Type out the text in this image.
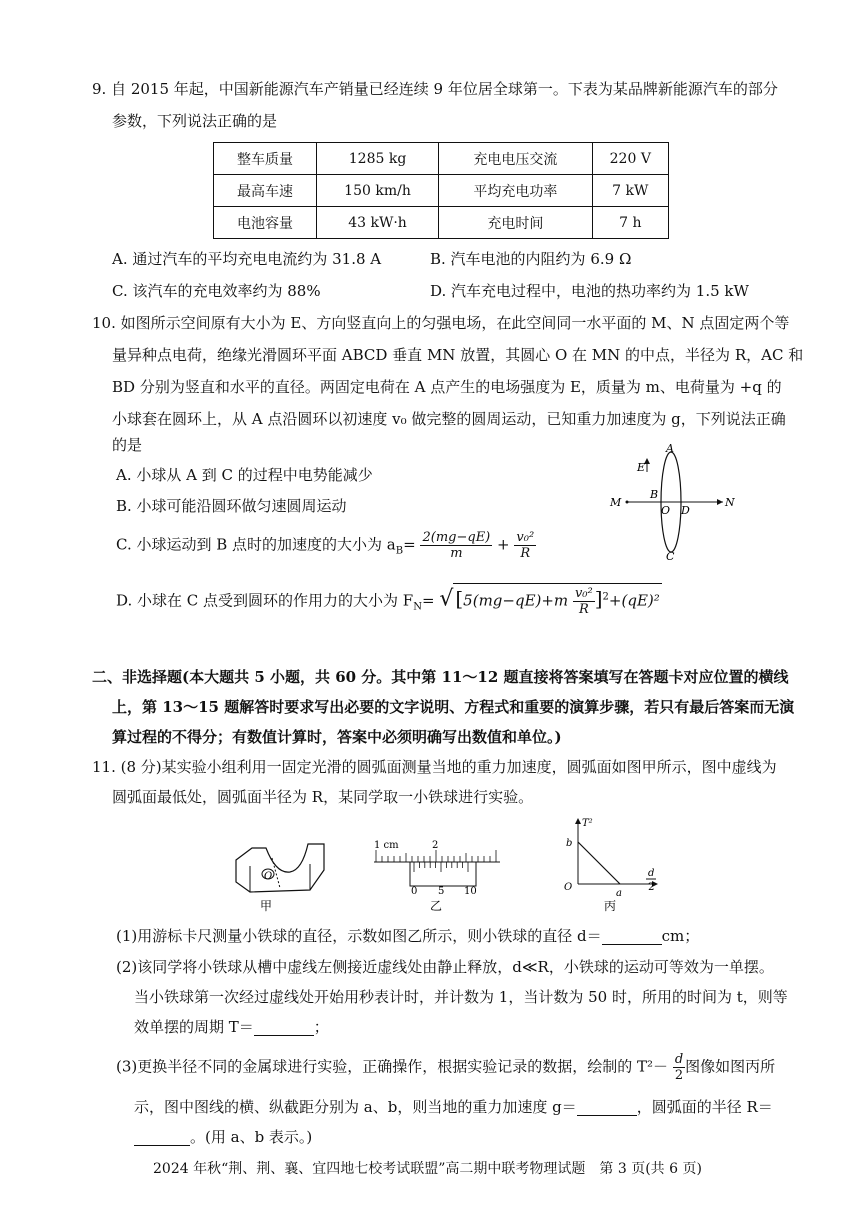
9. 自 2015 年起，中国新能源汽车产销量已经连续 9 年位居全球第一。下表为某品牌新能源汽车的部分
参数，下列说法正确的是
整车质量	1285 kg	充电电压交流	220 V
最高车速	150 km/h	平均充电功率	7 kW
电池容量	43 kW·h	充电时间	7 h
A. 通过汽车的平均充电电流约为 31.8 A	B. 汽车电池的内阻约为 6.9 Ω
C. 该汽车的充电效率约为 88%	D. 汽车充电过程中，电池的热功率约为 1.5 kW
10. 如图所示空间原有大小为 E、方向竖直向上的匀强电场，在此空间同一水平面的 M、N 点固定两个等
量异种点电荷，绝缘光滑圆环平面 ABCD 垂直 MN 放置，其圆心 O 在 MN 的中点，半径为 R，AC 和
BD 分别为竖直和水平的直径。两固定电荷在 A 点产生的电场强度为 E，质量为 m、电荷量为 +q 的
小球套在圆环上，从 A 点沿圆环以初速度 v₀ 做完整的圆周运动，已知重力加速度为 g，下列说法正确
的是
A. 小球从 A 到 C 的过程中电势能减少
B. 小球可能沿圆环做匀速圆周运动
C. 小球运动到 B 点时的加速度的大小为 $a_B= \frac{2(mg-qE)}{m} + \frac{\text{v₀²}}{R}$
D. 小球在 C 点受到圆环的作用力的大小为 $F_N=$ √ $[5(mg-qE)+m \frac{\text{v₀²}}{R} ]^2+(qE)^2$
E
A
B
C
D
O
M	N
二、非选择题(本大题共 5 小题，共 60 分。其中第 11～12 题直接将答案填写在答题卡对应位置的横线
上，第 13～15 题解答时要求写出必要的文字说明、方程式和重要的演算步骤，若只有最后答案而无演
算过程的不得分；有数值计算时，答案中必须明确写出数值和单位。)
11. (8 分)某实验小组利用一固定光滑的圆弧面测量当地的重力加速度，圆弧面如图甲所示，图中虚线为
圆弧面最低处，圆弧面半径为 R，某同学取一小铁球进行实验。
O
甲
1 cm	2
0 5 10
乙
T²
b
O
a
d
2
丙
(1)用游标卡尺测量小铁球的直径，示数如图乙所示，则小铁球的直径 d＝	cm；
(2)该同学将小铁球从槽中虚线左侧接近虚线处由静止释放，d≪R，小铁球的运动可等效为一单摆。
当小铁球第一次经过虚线处开始用秒表计时，并计数为 1，当计数为 50 时，所用的时间为 t，则等
效单摆的周期 T＝	；
(3)更换半径不同的金属球进行实验，正确操作，根据实验记录的数据，绘制的 $T^2- \frac{d}{2}$ 图像如图丙所
示，图中图线的横、纵截距分别为 a、b，则当地的重力加速度 g＝	，圆弧面的半径 R＝
。(用 a、b 表示。)
2024 年秋“荆、荆、襄、宜四地七校考试联盟”高二期中联考物理试题　第 3 页(共 6 页)
